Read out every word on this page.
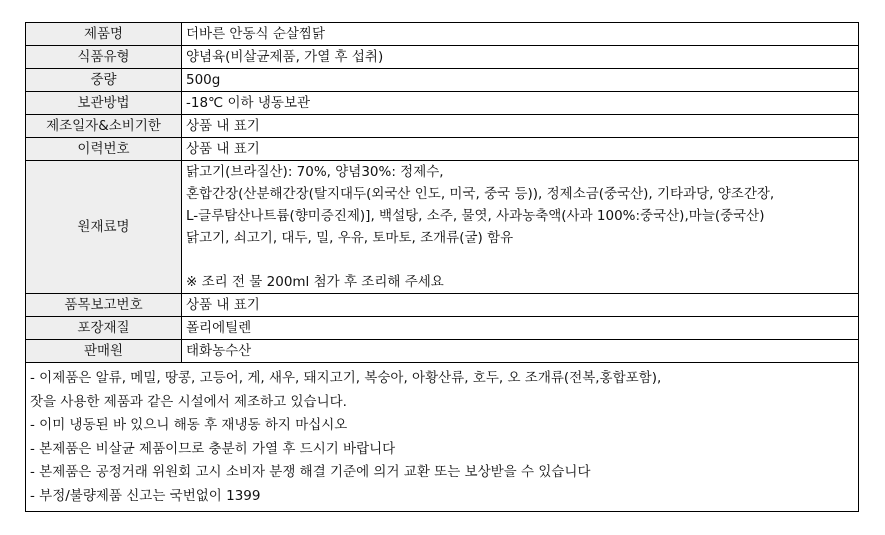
제품명	더바른 안동식 순살찜닭
식품유형	양념육(비살균제품, 가열 후 섭취)
중량	500g
보관방법	-18℃ 이하 냉동보관
제조일자&소비기한	상품 내 표기
이력번호	상품 내 표기
원재료명	닭고기(브라질산): 70%, 양념30%: 정제수,
혼합간장(산분해간장(탈지대두(외국산 인도, 미국, 중국 등)), 정제소금(중국산), 기타과당, 양조간장,
L-글루탐산나트륨(향미증진제)], 백설탕, 소주, 물엿, 사과농축액(사과 100%:중국산),마늘(중국산)
닭고기, 쇠고기, 대두, 밀, 우유, 토마토, 조개류(굴) 함유
※ 조리 전 물 200ml 첨가 후 조리해 주세요

품목보고번호	상품 내 표기
포장재질	폴리에틸렌
판매원	태화농수산
- 이제품은 알류, 메밀, 땅콩, 고등어, 게, 새우, 돼지고기, 복숭아, 아황산류, 호두, 오 조개류(전복,홍합포함),
잣을 사용한 제품과 같은 시설에서 제조하고 있습니다.
- 이미 냉동된 바 있으니 해동 후 재냉동 하지 마십시오
- 본제품은 비살균 제품이므로 충분히 가열 후 드시기 바랍니다
- 본제품은 공정거래 위원회 고시 소비자 분쟁 해결 기준에 의거 교환 또는 보상받을 수 있습니다
- 부정/불량제품 신고는 국번없이 1399
